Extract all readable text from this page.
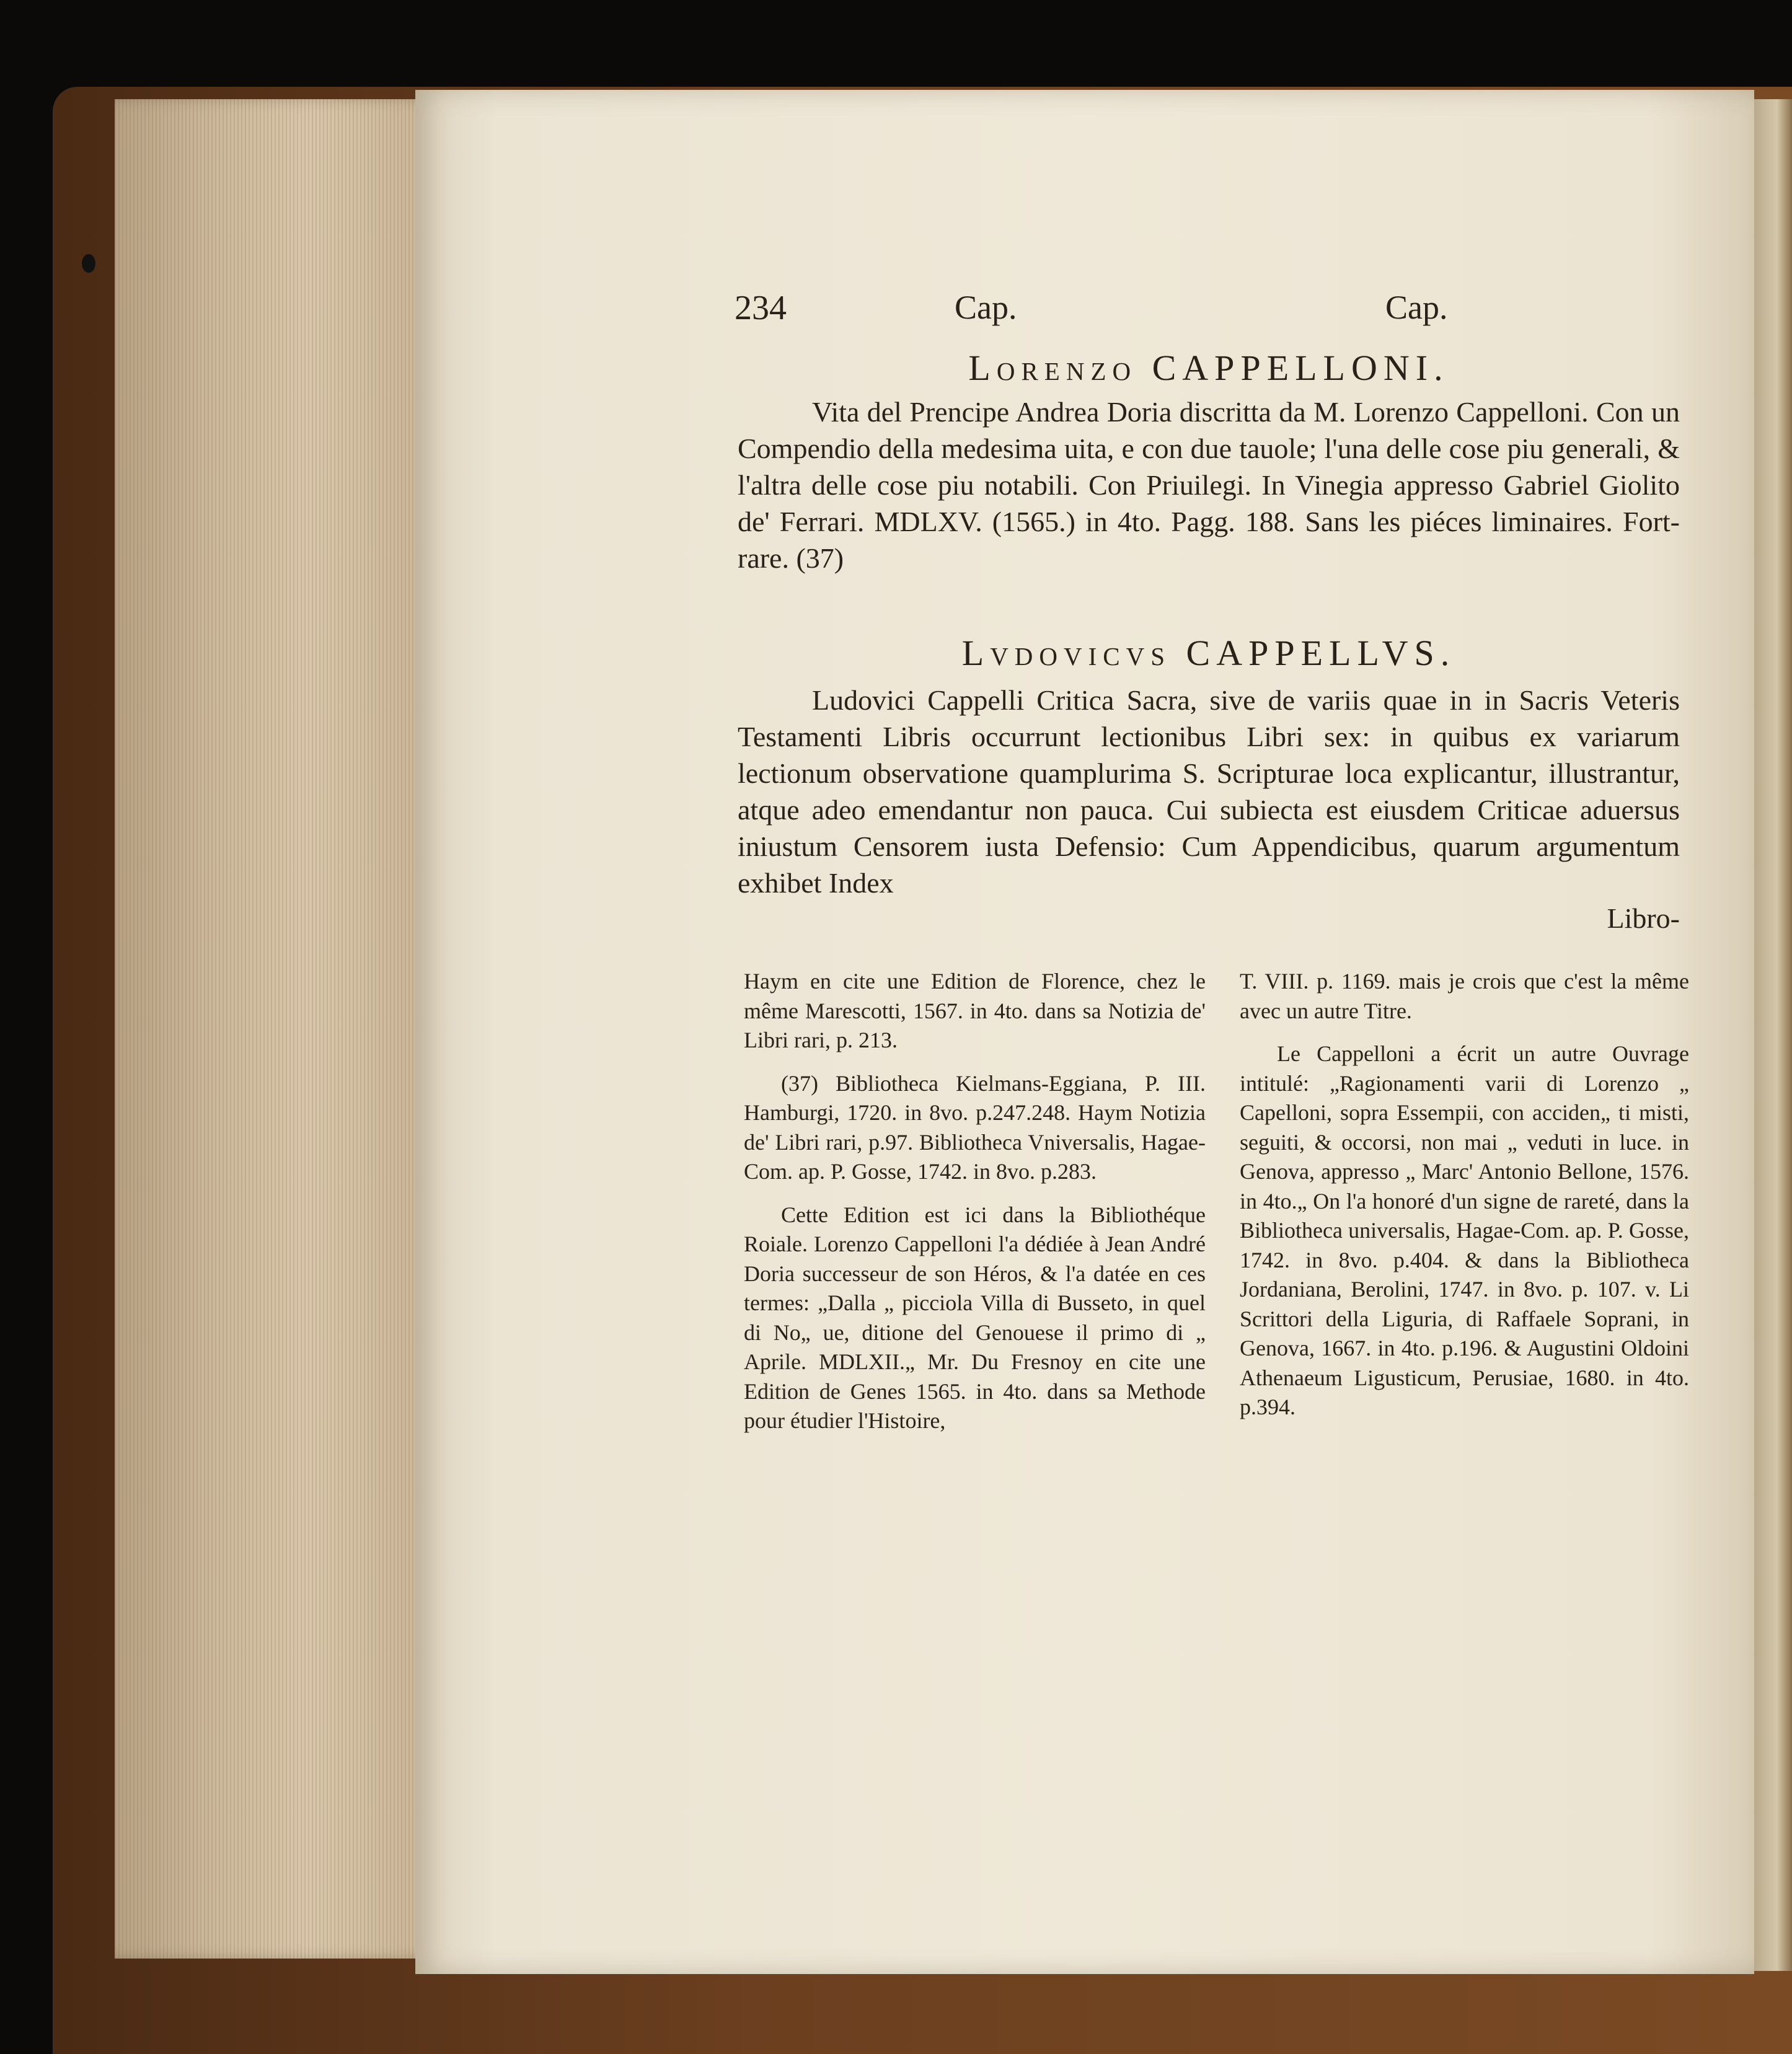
234	Cap.	Cap.
Lorenzo CAPPELLONI.
Vita del Prencipe Andrea Doria discritta da M. Lorenzo Cappelloni. Con un Compendio della medesima uita, e con due tauole; l'una delle cose piu generali, & l'altra delle cose piu notabili. Con Priuilegi. In Vinegia appresso Gabriel Giolito de' Ferrari. MDLXV. (1565.) in 4to. Pagg. 188. Sans les piéces liminaires. Fort-rare. (37)
Lvdovicvs CAPPELLVS.
Ludovici Cappelli Critica Sacra, sive de variis quae in in Sacris Veteris Testamenti Libris occurrunt lectionibus Libri sex: in quibus ex variarum lectionum observatione quamplurima S. Scripturae loca explicantur, illustrantur, atque adeo emendantur non pauca. Cui subiecta est eiusdem Criticae aduersus iniustum Censorem iusta Defensio: Cum Appendicibus, quarum argumentum exhibet Index
Libro-

Haym en cite une Edition de Florence, chez le même Marescotti, 1567. in 4to. dans sa Notizia de' Libri rari, p. 213.

(37) Bibliotheca Kielmans-Eggiana, P. III. Hamburgi, 1720. in 8vo. p.247.248. Haym Notizia de' Libri rari, p.97. Bibliotheca Vniversalis, Hagae-Com. ap. P. Gosse, 1742. in 8vo. p.283.

Cette Edition est ici dans la Bibliothéque Roiale. Lorenzo Cappelloni l'a dédiée à Jean André Doria successeur de son Héros, & l'a datée en ces termes: „Dalla „ picciola Villa di Busseto, in quel di No„ ue, ditione del Genouese il primo di „ Aprile. MDLXII.„ Mr. Du Fresnoy en cite une Edition de Genes 1565. in 4to. dans sa Methode pour étudier l'Histoire,

T. VIII. p. 1169. mais je crois que c'est la même avec un autre Titre.

Le Cappelloni a écrit un autre Ouvrage intitulé: „Ragionamenti varii di Lorenzo „ Capelloni, sopra Essempii, con acciden„ ti misti, seguiti, & occorsi, non mai „ veduti in luce. in Genova, appresso „ Marc' Antonio Bellone, 1576. in 4to.„ On l'a honoré d'un signe de rareté, dans la Bibliotheca universalis, Hagae-Com. ap. P. Gosse, 1742. in 8vo. p.404. & dans la Bibliotheca Jordaniana, Berolini, 1747. in 8vo. p. 107. v. Li Scrittori della Liguria, di Raffaele Soprani, in Genova, 1667. in 4to. p.196. & Augustini Oldoini Athenaeum Ligusticum, Perusiae, 1680. in 4to. p.394.
